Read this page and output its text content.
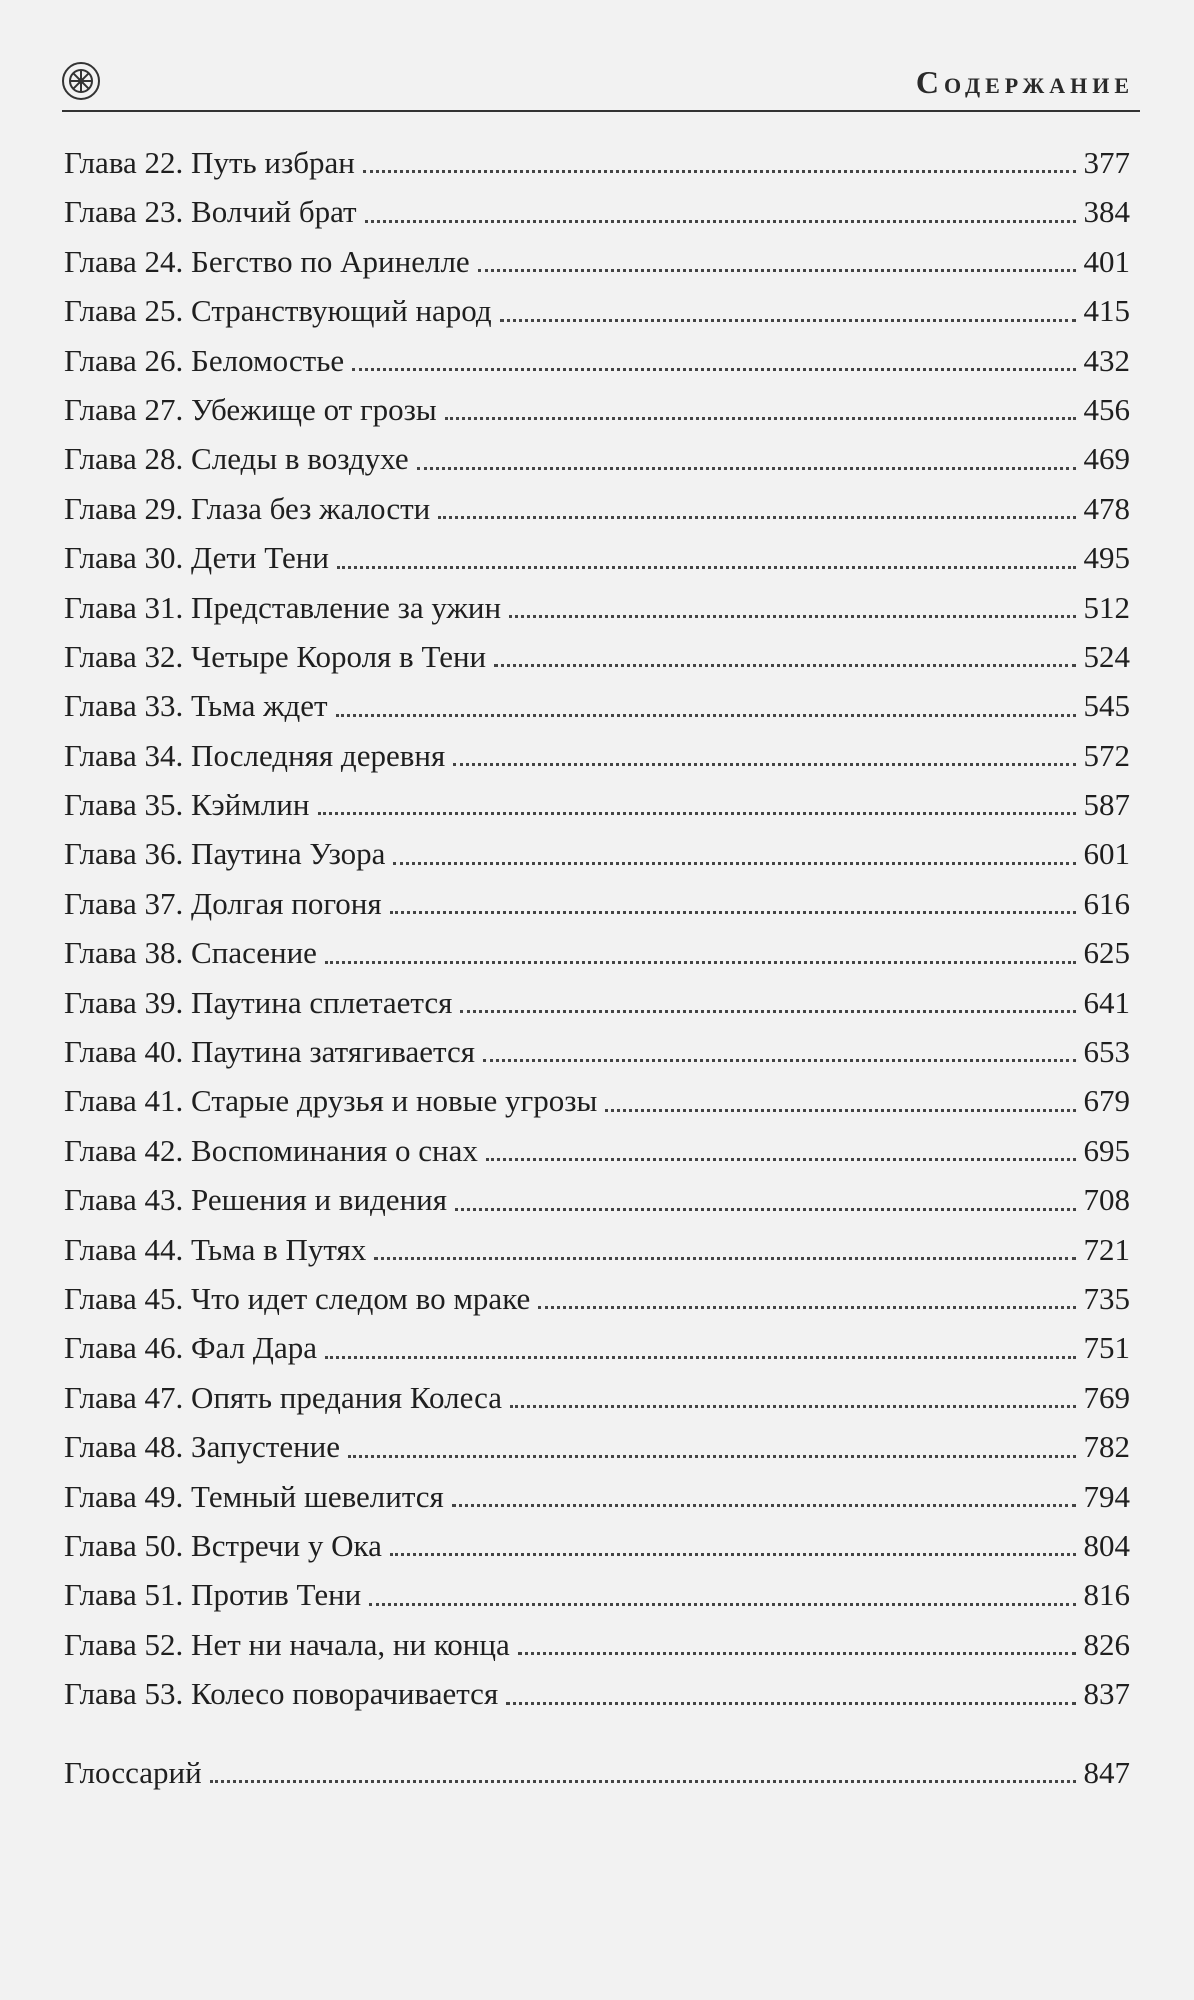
Содержание
Глава 22. Путь избран	377
Глава 23. Волчий брат	384
Глава 24. Бегство по Аринелле	401
Глава 25. Странствующий народ	415
Глава 26. Беломостье	432
Глава 27. Убежище от грозы	456
Глава 28. Следы в воздухе	469
Глава 29. Глаза без жалости	478
Глава 30. Дети Тени	495
Глава 31. Представление за ужин	512
Глава 32. Четыре Короля в Тени	524
Глава 33. Тьма ждет	545
Глава 34. Последняя деревня	572
Глава 35. Кэймлин	587
Глава 36. Паутина Узора	601
Глава 37. Долгая погоня	616
Глава 38. Спасение	625
Глава 39. Паутина сплетается	641
Глава 40. Паутина затягивается	653
Глава 41. Старые друзья и новые угрозы	679
Глава 42. Воспоминания о снах	695
Глава 43. Решения и видения	708
Глава 44. Тьма в Путях	721
Глава 45. Что идет следом во мраке	735
Глава 46. Фал Дара	751
Глава 47. Опять предания Колеса	769
Глава 48. Запустение	782
Глава 49. Темный шевелится	794
Глава 50. Встречи у Ока	804
Глава 51. Против Тени	816
Глава 52. Нет ни начала, ни конца	826
Глава 53. Колесо поворачивается	837
Глоссарий	847
